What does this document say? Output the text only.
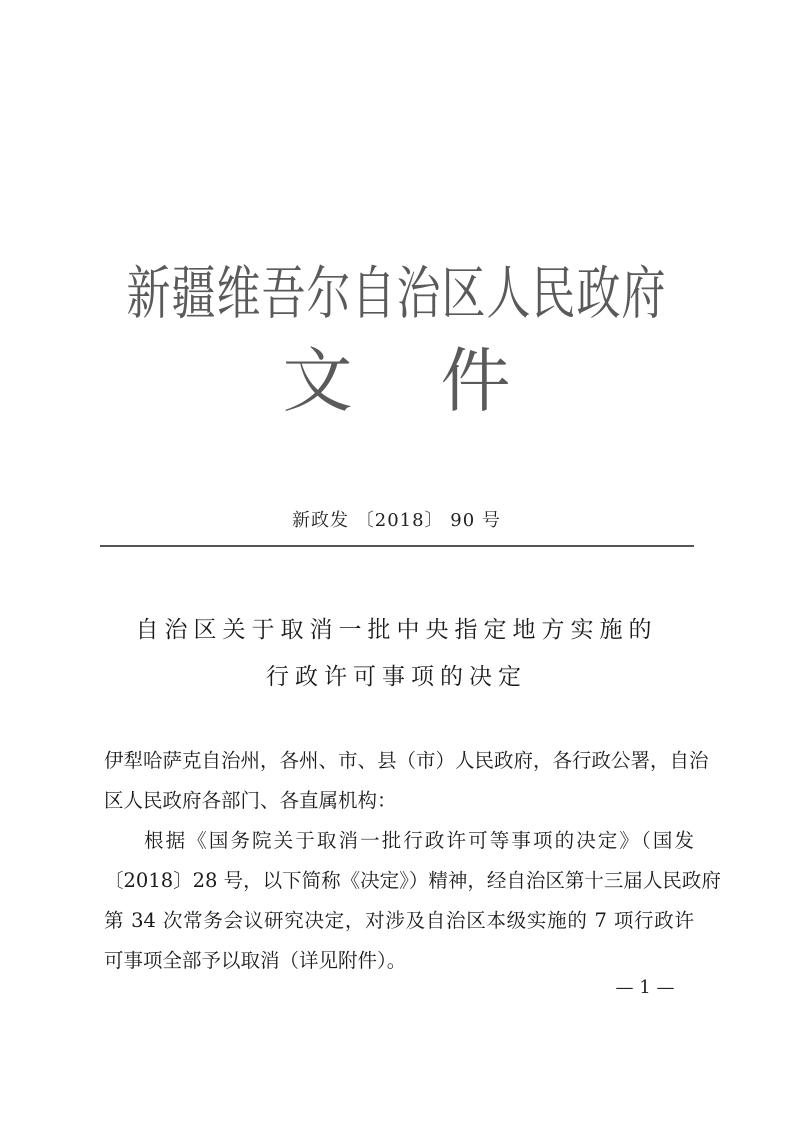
新疆维吾尔自治区人民政府
文件
新政发 〔2018〕 90 号
自治区关于取消一批中央指定地方实施的
行政许可事项的决定
伊犁哈萨克自治州，各州、市、县（市）人民政府，各行政公署，自治
区人民政府各部门、各直属机构：
根据《国务院关于取消一批行政许可等事项的决定》（国发
〔2018〕28 号，以下简称《决定》）精神，经自治区第十三届人民政府
第 34 次常务会议研究决定，对涉及自治区本级实施的 7 项行政许
可事项全部予以取消（详见附件）。
— 1 —
